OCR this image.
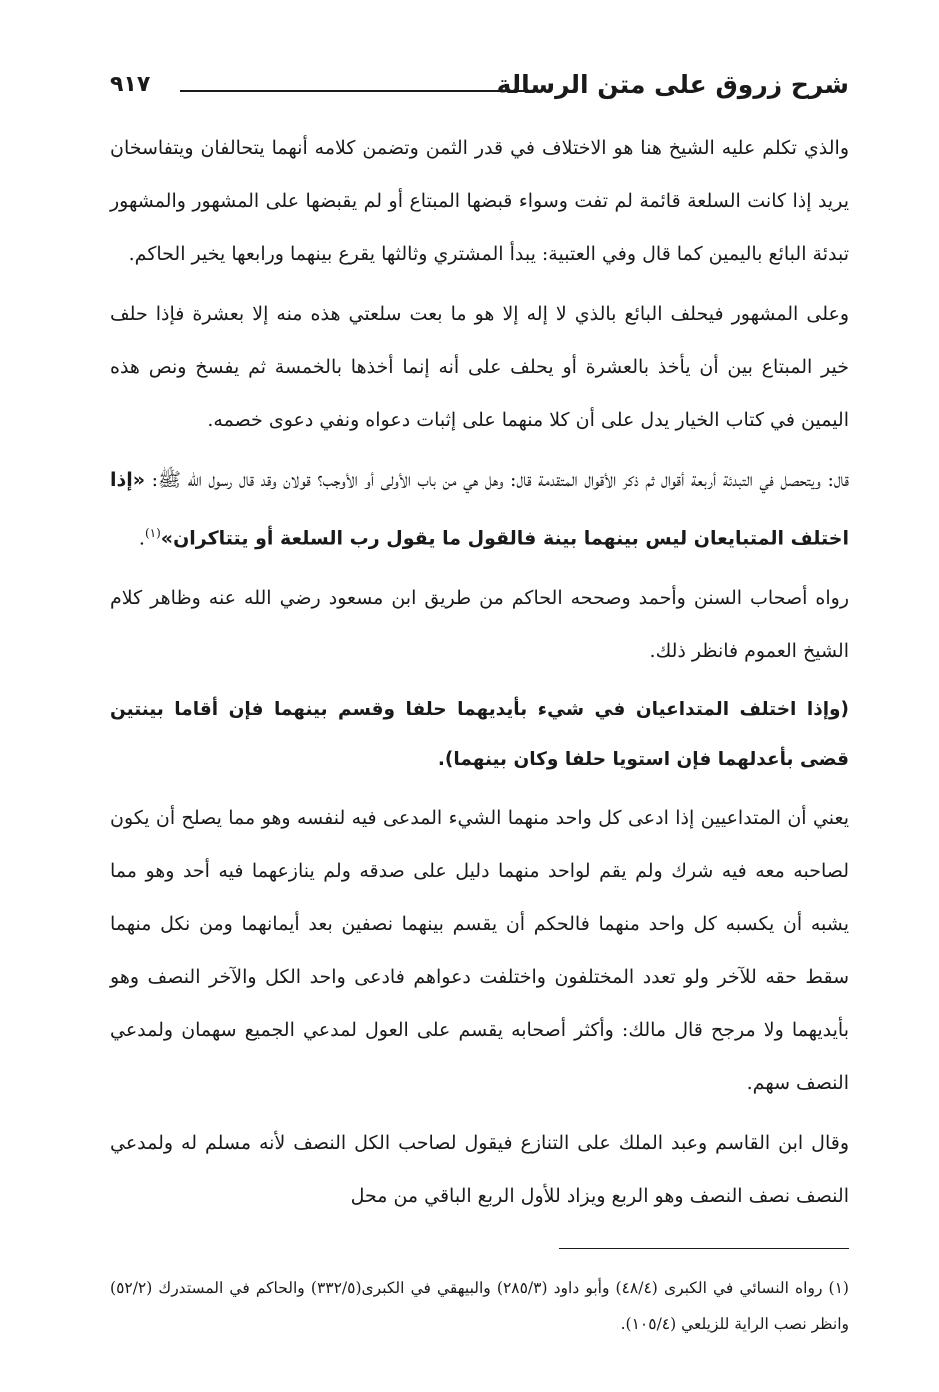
شرح زروق على متن الرسالة
٩١٧

والذي تكلم عليه الشيخ هنا هو الاختلاف في قدر الثمن وتضمن كلامه أنهما يتحالفان ويتفاسخان يريد إذا كانت السلعة قائمة لم تفت وسواء قبضها المبتاع أو لم يقبضها على المشهور والمشهور تبدئة البائع باليمين كما قال وفي العتبية: يبدأ المشتري وثالثها يقرع بينهما ورابعها يخير الحاكم.

وعلى المشهور فيحلف البائع بالذي لا إله إلا هو ما بعت سلعتي هذه منه إلا بعشرة فإذا حلف خير المبتاع بين أن يأخذ بالعشرة أو يحلف على أنه إنما أخذها بالخمسة ثم يفسخ ونص هذه اليمين في كتاب الخيار يدل على أن كلا منهما على إثبات دعواه ونفي دعوى خصمه.

قال: ويتحصل في التبدئة أربعة أقوال ثم ذكر الأقوال المتقدمة قال: وهل هي من باب الأولى أو الأوجب؟ قولان وقد قال رسول الله ﷺ: «إذا اختلف المتبايعان ليس بينهما بينة فالقول ما يقول رب السلعة أو يتتاكران»$^{(١)}$.

رواه أصحاب السنن وأحمد وصححه الحاكم من طريق ابن مسعود رضي الله عنه وظاهر كلام الشيخ العموم فانظر ذلك.

(وإذا اختلف المتداعيان في شيء بأيديهما حلفا وقسم بينهما فإن أقاما بينتين قضى بأعدلهما فإن استويا حلفا وكان بينهما).

يعني أن المتداعيين إذا ادعى كل واحد منهما الشيء المدعى فيه لنفسه وهو مما يصلح أن يكون لصاحبه معه فيه شرك ولم يقم لواحد منهما دليل على صدقه ولم ينازعهما فيه أحد وهو مما يشبه أن يكسبه كل واحد منهما فالحكم أن يقسم بينهما نصفين بعد أيمانهما ومن نكل منهما سقط حقه للآخر ولو تعدد المختلفون واختلفت دعواهم فادعى واحد الكل والآخر النصف وهو بأيديهما ولا مرجح قال مالك: وأكثر أصحابه يقسم على العول لمدعي الجميع سهمان ولمدعي النصف سهم.

وقال ابن القاسم وعبد الملك على التنازع فيقول لصاحب الكل النصف لأنه مسلم له ولمدعي النصف نصف النصف وهو الربع ويزاد للأول الربع الباقي من محل

(١) رواه النسائي في الكبرى (٤٨/٤) وأبو داود (٢٨٥/٣) والبيهقي في الكبرى(٣٣٢/٥) والحاكم في المستدرك (٥٢/٢) وانظر نصب الراية للزيلعي (١٠٥/٤).
